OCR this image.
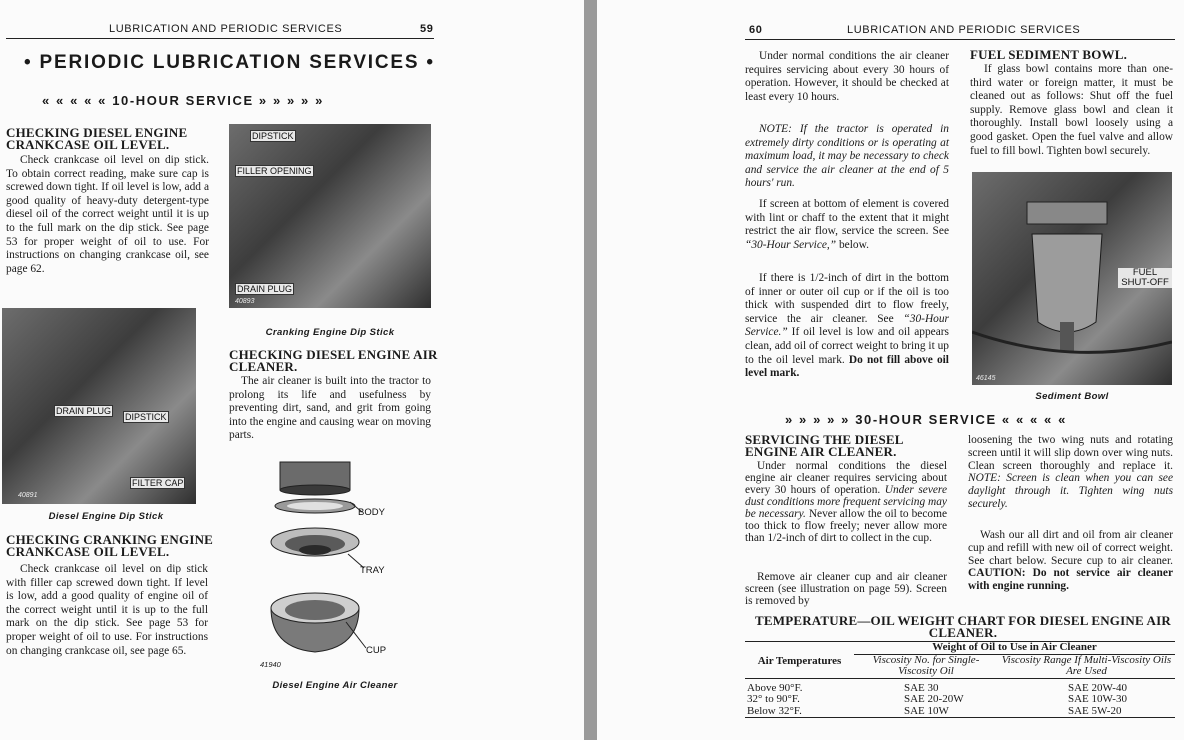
LUBRICATION AND PERIODIC SERVICES	59
• PERIODIC LUBRICATION SERVICES •
« « « « « 10-HOUR SERVICE » » » » »
CHECKING DIESEL ENGINE CRANKCASE OIL LEVEL.
Check crankcase oil level on dip stick. To obtain correct reading, make sure cap is screwed down tight. If oil level is low, add a good quality of heavy-duty detergent-type diesel oil of the correct weight until it is up to the full mark on the dip stick. See page 53 for proper weight of oil to use. For instructions on changing crankcase oil, see page 62.
DIPSTICK
FILLER OPENING
DRAIN PLUG
40893
Cranking Engine Dip Stick
DRAIN PLUG
DIPSTICK
FILTER CAP
40891
Diesel Engine Dip Stick
CHECKING DIESEL ENGINE AIR CLEANER.
The air cleaner is built into the tractor to prolong its life and usefulness by preventing dirt, sand, and grit from going into the engine and causing wear on moving parts.
BODY
TRAY
CUP
41940
Diesel Engine Air Cleaner
CHECKING CRANKING ENGINE CRANKCASE OIL LEVEL.
Check crankcase oil level on dip stick with filler cap screwed down tight. If level is low, add a good quality of engine oil of the correct weight until it is up to the full mark on the dip stick. See page 53 for proper weight of oil to use. For instructions on changing crankcase oil, see page 65.
60	LUBRICATION AND PERIODIC SERVICES
Under normal conditions the air cleaner requires servicing about every 30 hours of operation. However, it should be checked at least every 10 hours.
NOTE: If the tractor is operated in extremely dirty conditions or is operating at maximum load, it may be necessary to check and service the air cleaner at the end of 5 hours' run.
If screen at bottom of element is covered with lint or chaff to the extent that it might restrict the air flow, service the screen. See “30-Hour Service,” below.
If there is 1/2-inch of dirt in the bottom of inner or outer oil cup or if the oil is too thick with suspended dirt to flow freely, service the air cleaner. See “30-Hour Service.” If oil level is low and oil appears clean, add oil of correct weight to bring it up to the oil level mark. Do not fill above oil level mark.
FUEL SEDIMENT BOWL.
If glass bowl contains more than one-third water or foreign matter, it must be cleaned out as follows: Shut off the fuel supply. Remove glass bowl and clean it thoroughly. Install bowl loosely using a good gasket. Open the fuel valve and allow fuel to fill bowl. Tighten bowl securely.
FUEL SHUT-OFF
46145
Sediment Bowl
» » » » » 30-HOUR SERVICE « « « « «
SERVICING THE DIESEL ENGINE AIR CLEANER.
Under normal conditions the diesel engine air cleaner requires servicing about every 30 hours of operation. Under severe dust conditions more frequent servicing may be necessary. Never allow the oil to become too thick to flow freely; never allow more than 1/2-inch of dirt to collect in the cup.
Remove air cleaner cup and air cleaner screen (see illustration on page 59). Screen is removed by
loosening the two wing nuts and rotating screen until it will slip down over wing nuts. Clean screen thoroughly and replace it. NOTE: Screen is clean when you can see daylight through it. Tighten wing nuts securely.
Wash our all dirt and oil from air cleaner cup and refill with new oil of correct weight. See chart below. Secure cup to air cleaner. CAUTION: Do not service air cleaner with engine running.
TEMPERATURE—OIL WEIGHT CHART FOR DIESEL ENGINE AIR CLEANER.
Air Temperatures	Weight of Oil to Use in Air Cleaner	
	Viscosity No. for Single-Viscosity Oil	Viscosity Range If Multi-Viscosity Oils Are Used
Above 90°F.	SAE 30	SAE 20W-40
32° to 90°F.	SAE 20-20W	SAE 10W-30
Below 32°F.	SAE 10W	SAE 5W-20
